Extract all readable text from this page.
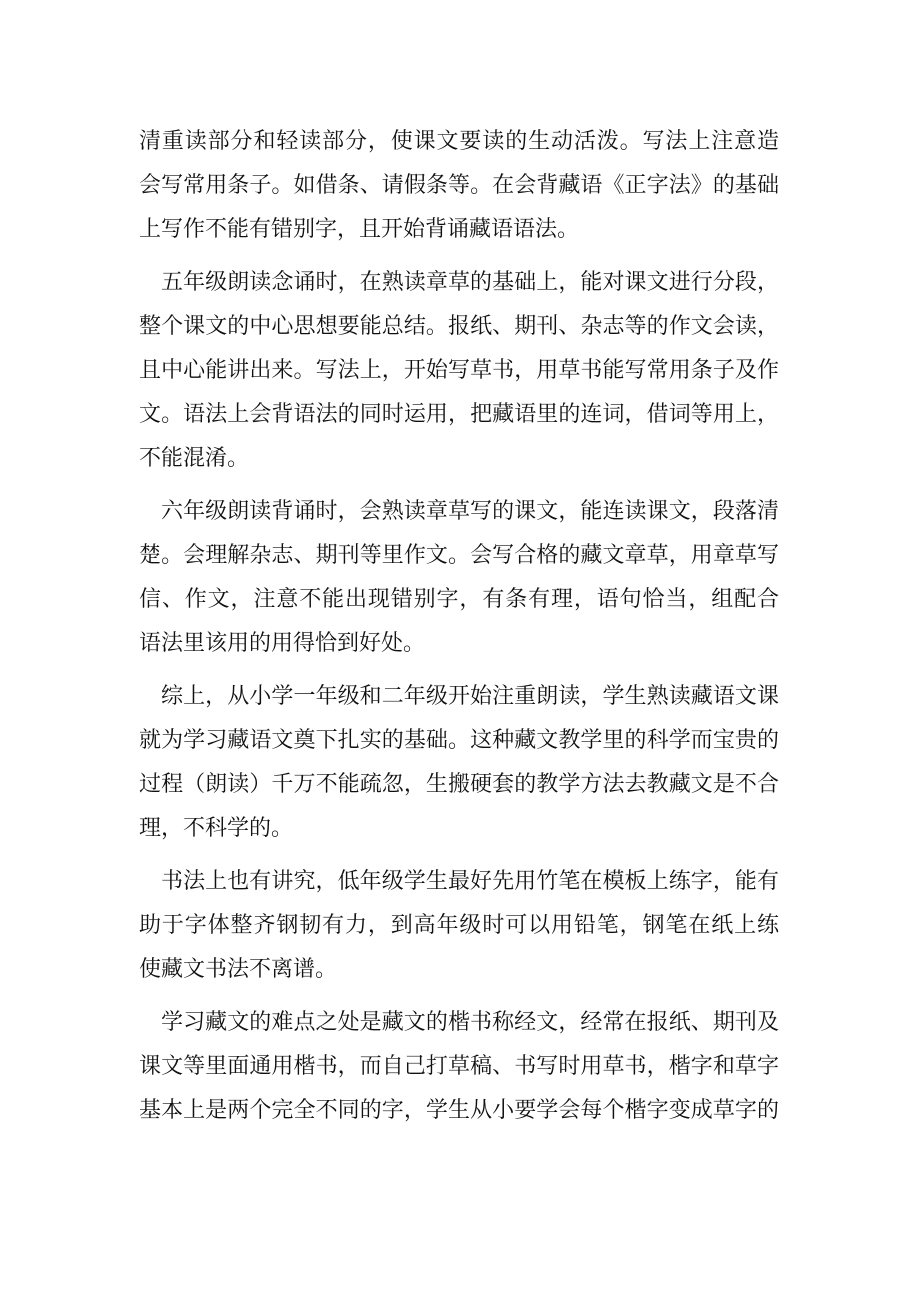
清重读部分和轻读部分，使课文要读的生动活泼。写法上注意造
会写常用条子。如借条、请假条等。在会背藏语《正字法》的基础
上写作不能有错别字，且开始背诵藏语语法。
五年级朗读念诵时，在熟读章草的基础上，能对课文进行分段，
整个课文的中心思想要能总结。报纸、期刊、杂志等的作文会读，
且中心能讲出来。写法上，开始写草书，用草书能写常用条子及作
文。语法上会背语法的同时运用，把藏语里的连词，借词等用上，
不能混淆。
六年级朗读背诵时，会熟读章草写的课文，能连读课文，段落清
楚。会理解杂志、期刊等里作文。会写合格的藏文章草，用章草写
信、作文，注意不能出现错别字，有条有理，语句恰当，组配合
语法里该用的用得恰到好处。
综上，从小学一年级和二年级开始注重朗读，学生熟读藏语文课
就为学习藏语文奠下扎实的基础。这种藏文教学里的科学而宝贵的
过程（朗读）千万不能疏忽，生搬硬套的教学方法去教藏文是不合
理，不科学的。
书法上也有讲究，低年级学生最好先用竹笔在模板上练字，能有
助于字体整齐钢韧有力，到高年级时可以用铅笔，钢笔在纸上练
使藏文书法不离谱。
学习藏文的难点之处是藏文的楷书称经文，经常在报纸、期刊及
课文等里面通用楷书，而自己打草稿、书写时用草书，楷字和草字
基本上是两个完全不同的字，学生从小要学会每个楷字变成草字的
